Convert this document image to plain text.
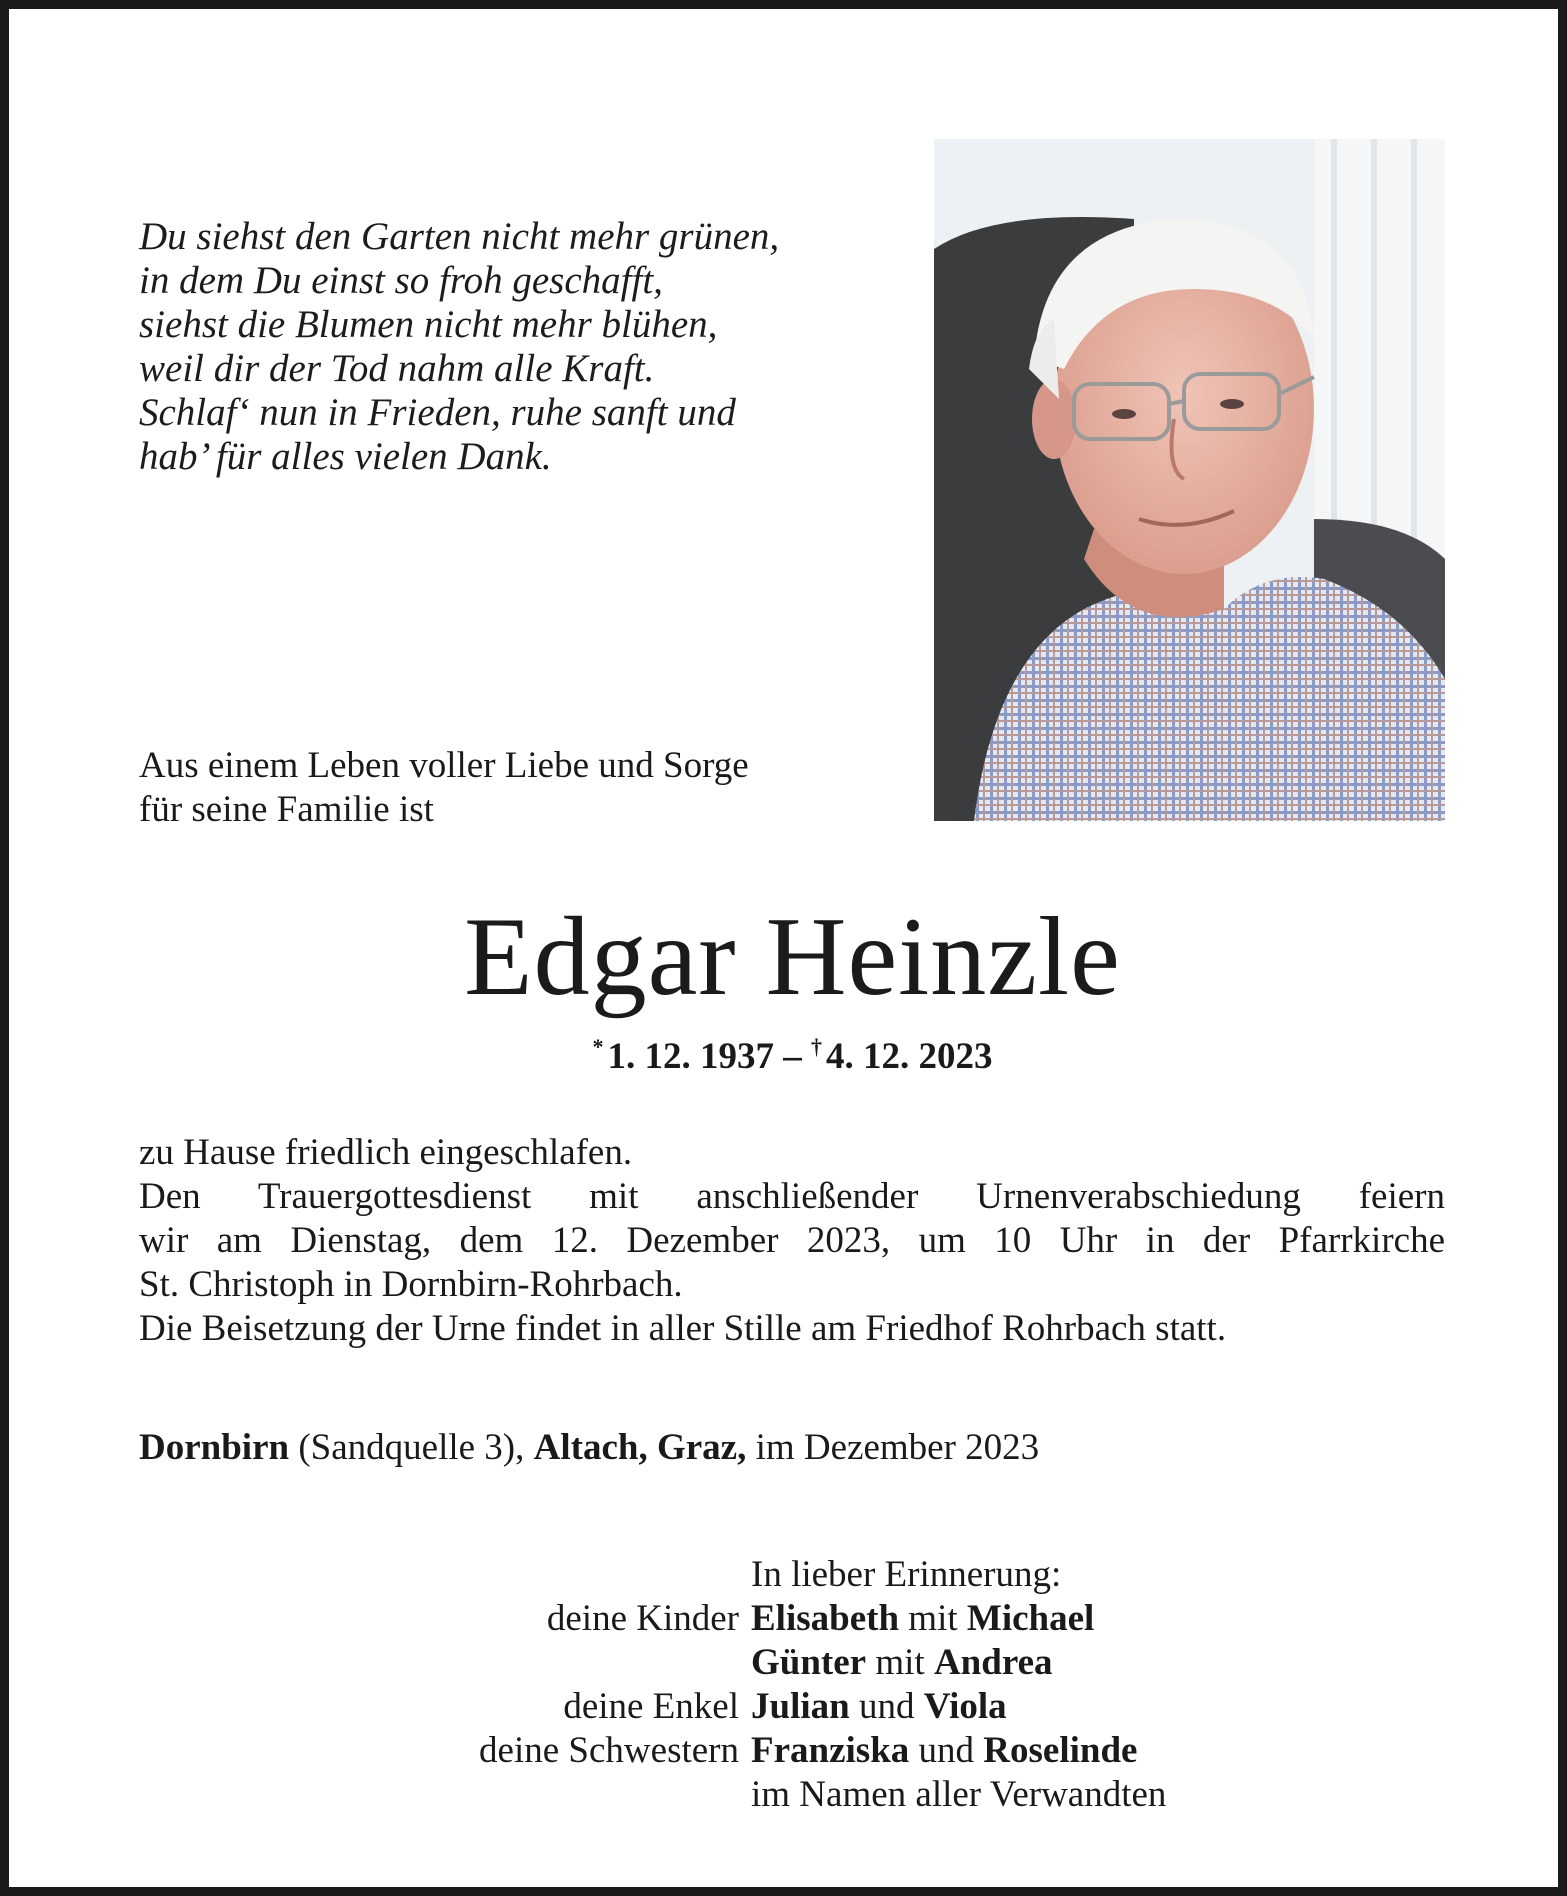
Du siehst den Garten nicht mehr grünen,
in dem Du einst so froh geschafft,
siehst die Blumen nicht mehr blühen,
weil dir der Tod nahm alle Kraft.
Schlaf‘ nun in Frieden, ruhe sanft und
hab’ für alles vielen Dank.
Aus einem Leben voller Liebe und Sorge
für seine Familie ist
Edgar Heinzle
* 1. 12. 1937 – † 4. 12. 2023
zu Hause friedlich eingeschlafen.
Den Trauergottesdienst mit anschließender Urnenverabschiedung feiern
wir am Dienstag, dem 12. Dezember 2023, um 10 Uhr in der Pfarrkirche
St. Christoph in Dornbirn-Rohrbach.
Die Beisetzung der Urne findet in aller Stille am Friedhof Rohrbach statt.
Dornbirn (Sandquelle 3), Altach, Graz, im Dezember 2023
In lieber Erinnerung:
deine Kinder Elisabeth mit Michael
Günter mit Andrea
deine Enkel Julian und Viola
deine Schwestern Franziska und Roselinde
im Namen aller Verwandten
